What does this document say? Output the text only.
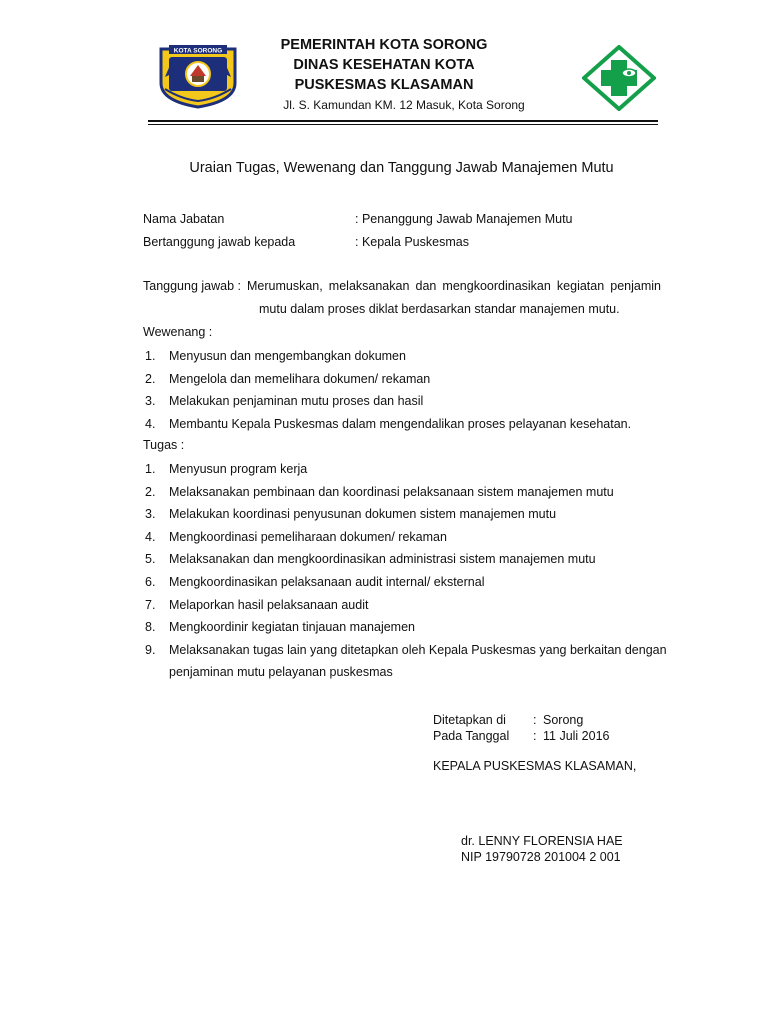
KOTA SORONG	PEMERINTAH KOTA SORONG
DINAS KESEHATAN KOTA
PUSKESMAS KLASAMAN
Jl. S. Kamundan KM. 12 Masuk, Kota Sorong
Uraian Tugas, Wewenang dan Tanggung Jawab Manajemen Mutu
Nama Jabatan	: Penanggung Jawab Manajemen Mutu
Bertanggung jawab kepada	: Kepala Puskesmas
Tanggung jawab : Merumuskan, melaksanakan dan mengkoordinasikan kegiatan penjamin
mutu dalam proses diklat berdasarkan standar manajemen mutu.
Wewenang :
1.	Menyusun dan mengembangkan dokumen
2.	Mengelola dan memelihara dokumen/ rekaman
3.	Melakukan penjaminan mutu proses dan hasil
4.	Membantu Kepala Puskesmas dalam mengendalikan proses pelayanan kesehatan.
Tugas :
1.	Menyusun program kerja
2.	Melaksanakan pembinaan dan koordinasi pelaksanaan sistem manajemen mutu
3.	Melakukan koordinasi penyusunan dokumen sistem manajemen mutu
4.	Mengkoordinasi pemeliharaan dokumen/ rekaman
5.	Melaksanakan dan mengkoordinasikan administrasi sistem manajemen mutu
6.	Mengkoordinasikan pelaksanaan audit internal/ eksternal
7.	Melaporkan hasil pelaksanaan audit
8.	Mengkoordinir kegiatan tinjauan manajemen
9.	Melaksanakan tugas lain yang ditetapkan oleh Kepala Puskesmas yang berkaitan dengan
penjaminan mutu pelayanan puskesmas
Ditetapkan di : Sorong
Pada Tanggal : 11 Juli 2016
KEPALA PUSKESMAS KLASAMAN,
dr. LENNY FLORENSIA HAE
NIP 19790728 201004 2 001
